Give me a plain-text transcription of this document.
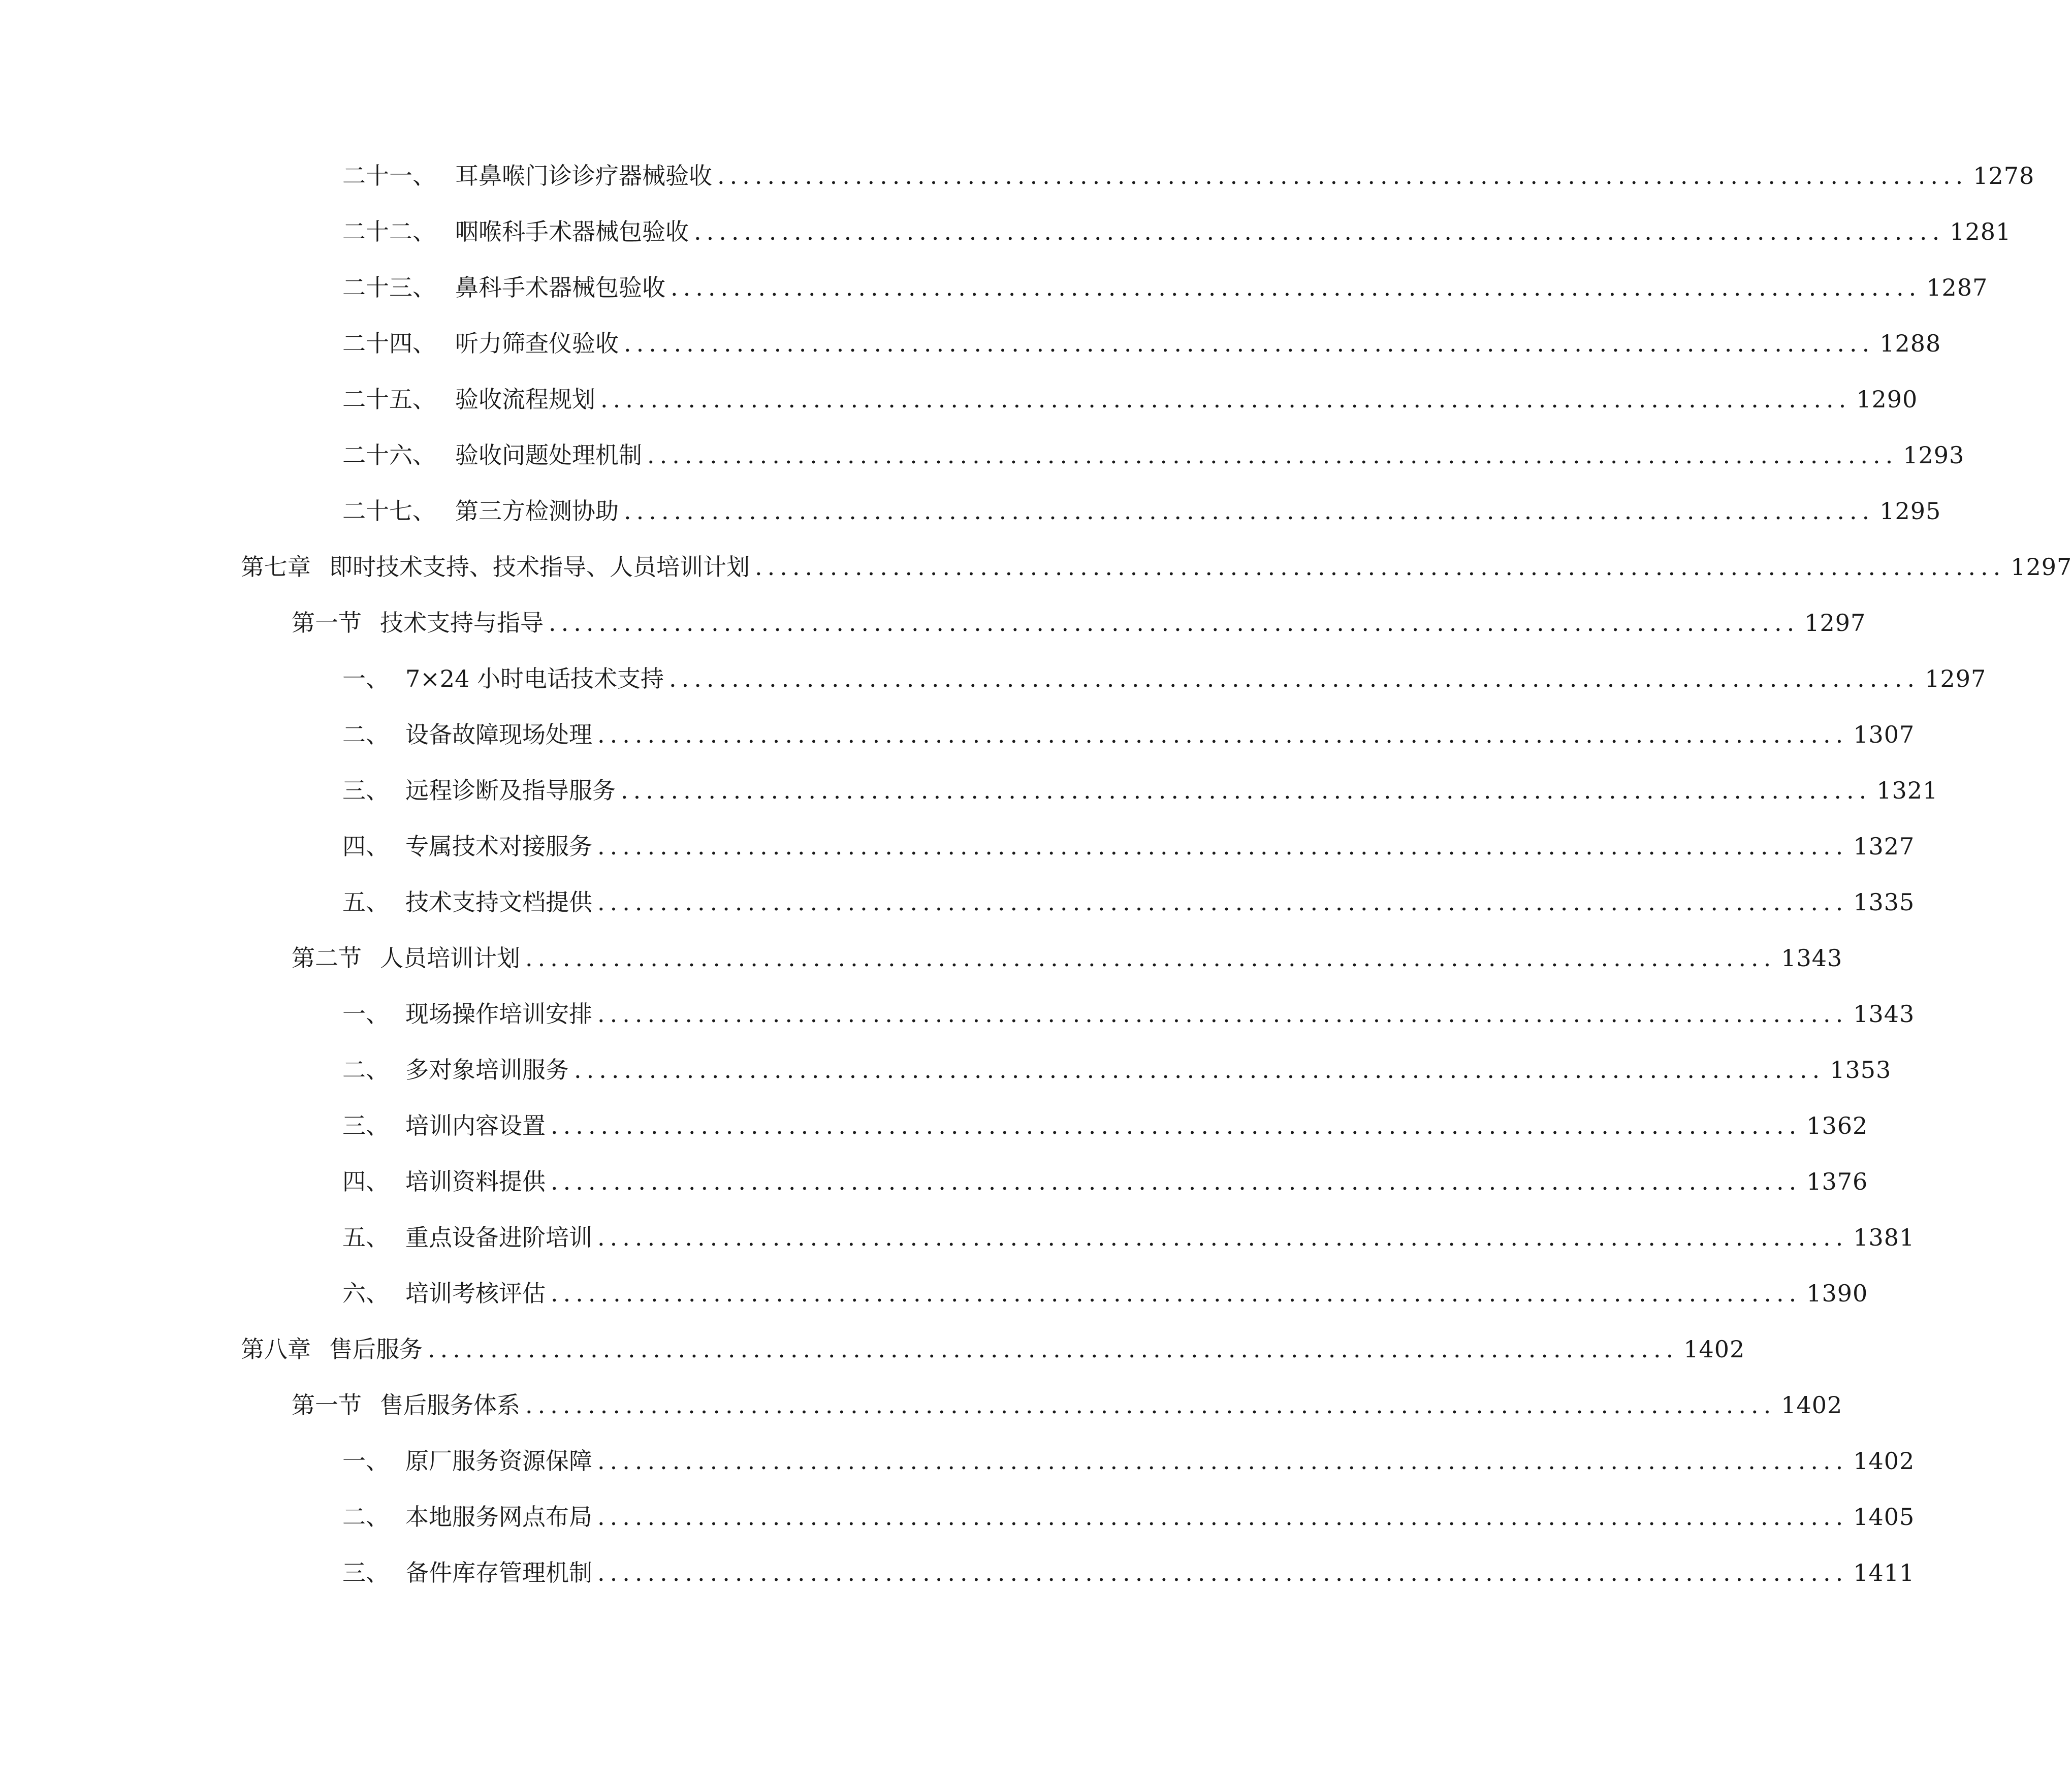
二十一、 耳鼻喉门诊诊疗器械验收 .................................................................................................... 1278
二十二、 咽喉科手术器械包验收 .................................................................................................... 1281
二十三、 鼻科手术器械包验收 .................................................................................................... 1287
二十四、 听力筛查仪验收 .................................................................................................... 1288
二十五、 验收流程规划 .................................................................................................... 1290
二十六、 验收问题处理机制 .................................................................................................... 1293
二十七、 第三方检测协助 .................................................................................................... 1295
第七章 即时技术支持、技术指导、人员培训计划 .................................................................................................... 1297
第一节 技术支持与指导 .................................................................................................... 1297
一、 7×24 小时电话技术支持 .................................................................................................... 1297
二、 设备故障现场处理 .................................................................................................... 1307
三、 远程诊断及指导服务 .................................................................................................... 1321
四、 专属技术对接服务 .................................................................................................... 1327
五、 技术支持文档提供 .................................................................................................... 1335
第二节 人员培训计划 .................................................................................................... 1343
一、 现场操作培训安排 .................................................................................................... 1343
二、 多对象培训服务 .................................................................................................... 1353
三、 培训内容设置 .................................................................................................... 1362
四、 培训资料提供 .................................................................................................... 1376
五、 重点设备进阶培训 .................................................................................................... 1381
六、 培训考核评估 .................................................................................................... 1390
第八章 售后服务 .................................................................................................... 1402
第一节 售后服务体系 .................................................................................................... 1402
一、 原厂服务资源保障 .................................................................................................... 1402
二、 本地服务网点布局 .................................................................................................... 1405
三、 备件库存管理机制 .................................................................................................... 1411
